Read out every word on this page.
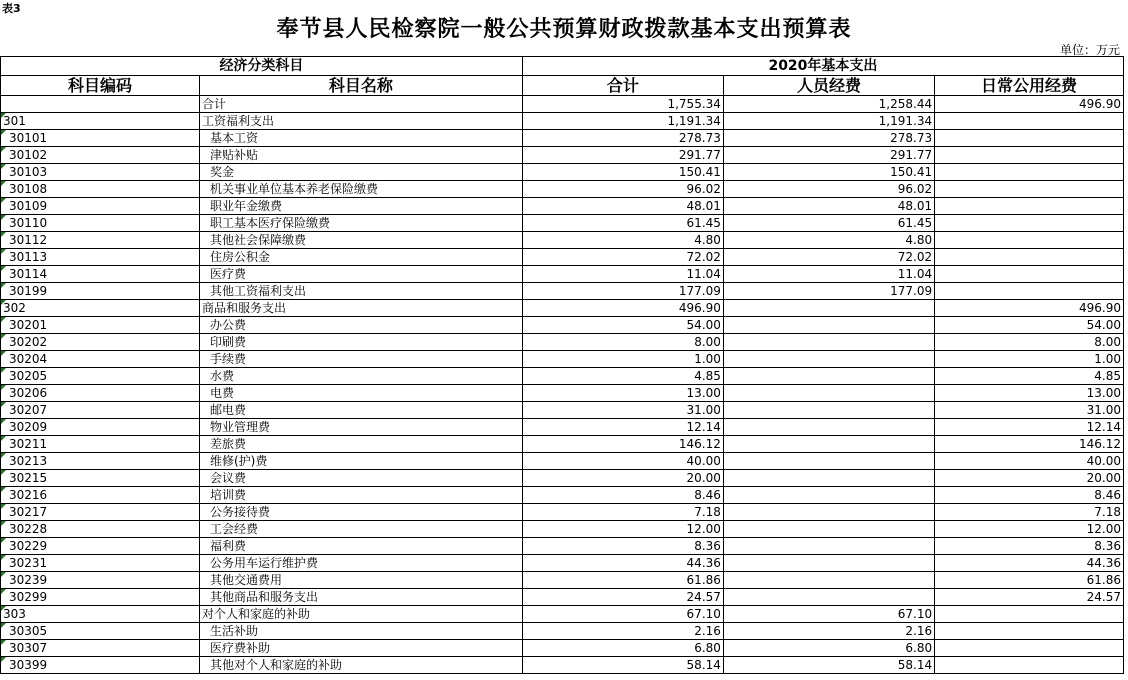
表3
奉节县人民检察院一般公共预算财政拨款基本支出预算表
单位：万元
经济分类科目		2020年基本支出		
科目编码	科目名称	合计	人员经费	日常公用经费
	合计	1,755.34	1,258.44	496.90
301	工资福利支出	1,191.34	1,191.34	
30101	基本工资	278.73	278.73	
30102	津贴补贴	291.77	291.77	
30103	奖金	150.41	150.41	
30108	机关事业单位基本养老保险缴费	96.02	96.02	
30109	职业年金缴费	48.01	48.01	
30110	职工基本医疗保险缴费	61.45	61.45	
30112	其他社会保障缴费	4.80	4.80	
30113	住房公积金	72.02	72.02	
30114	医疗费	11.04	11.04	
30199	其他工资福利支出	177.09	177.09	
302	商品和服务支出	496.90		496.90
30201	办公费	54.00		54.00
30202	印刷费	8.00		8.00
30204	手续费	1.00		1.00
30205	水费	4.85		4.85
30206	电费	13.00		13.00
30207	邮电费	31.00		31.00
30209	物业管理费	12.14		12.14
30211	差旅费	146.12		146.12
30213	维修(护)费	40.00		40.00
30215	会议费	20.00		20.00
30216	培训费	8.46		8.46
30217	公务接待费	7.18		7.18
30228	工会经费	12.00		12.00
30229	福利费	8.36		8.36
30231	公务用车运行维护费	44.36		44.36
30239	其他交通费用	61.86		61.86
30299	其他商品和服务支出	24.57		24.57
303	对个人和家庭的补助	67.10	67.10	
30305	生活补助	2.16	2.16	
30307	医疗费补助	6.80	6.80	
30399	其他对个人和家庭的补助	58.14	58.14	
